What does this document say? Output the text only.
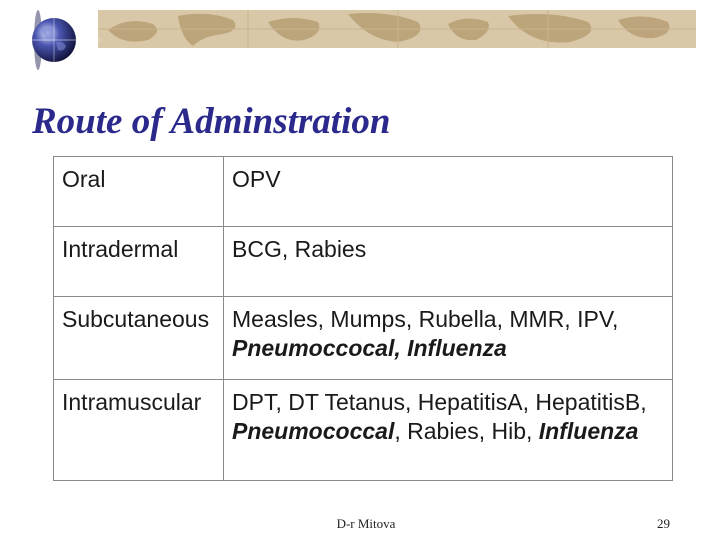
Route of Adminstration
Oral	OPV
Intradermal	BCG, Rabies
Subcutaneous	Measles, Mumps, Rubella, MMR, IPV, Pneumoccocal, Influenza
Intramuscular	DPT, DT Tetanus, HepatitisA, HepatitisB, Pneumococcal, Rabies, Hib, Influenza
D-r Mitova	29
